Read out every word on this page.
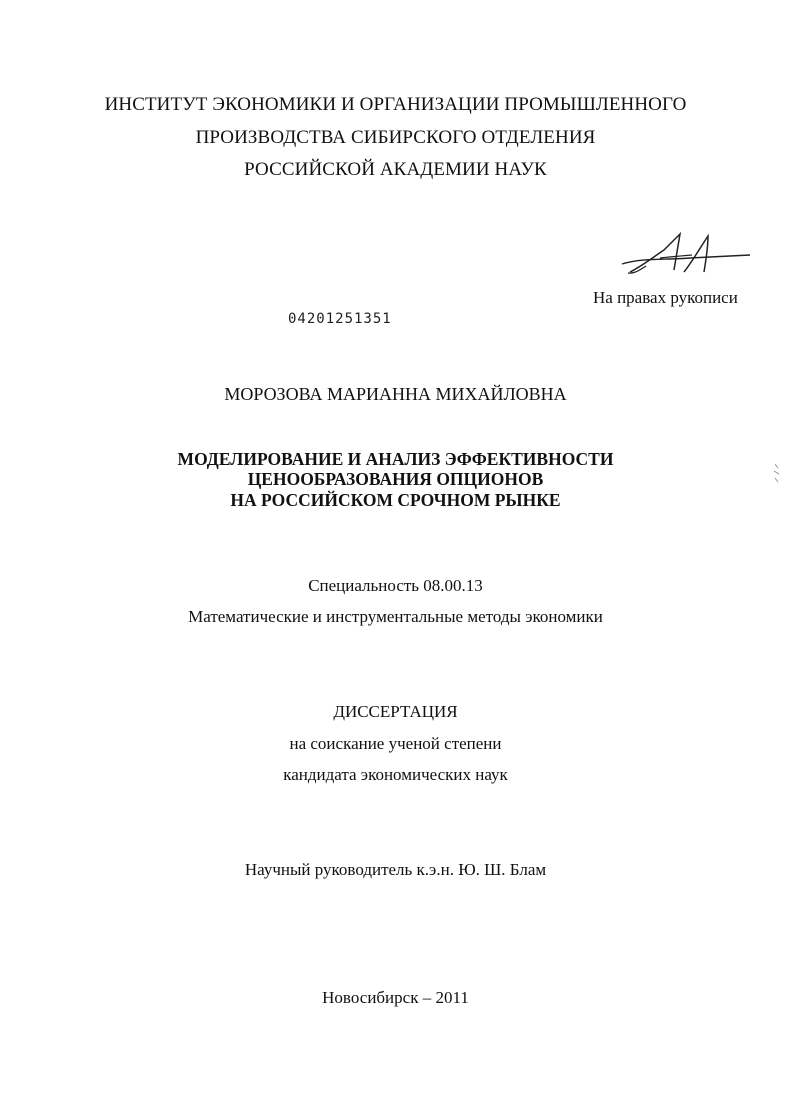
ИНСТИТУТ ЭКОНОМИКИ И ОРГАНИЗАЦИИ ПРОМЫШЛЕННОГО
ПРОИЗВОДСТВА СИБИРСКОГО ОТДЕЛЕНИЯ
РОССИЙСКОЙ АКАДЕМИИ НАУК
На правах рукописи
04201251351
МОРОЗОВА МАРИАННА МИХАЙЛОВНА
МОДЕЛИРОВАНИЕ И АНАЛИЗ ЭФФЕКТИВНОСТИ
ЦЕНООБРАЗОВАНИЯ ОПЦИОНОВ
НА РОССИЙСКОМ СРОЧНОМ РЫНКЕ
Специальность 08.00.13
Математические и инструментальные методы экономики
ДИССЕРТАЦИЯ
на соискание ученой степени
кандидата экономических наук
Научный руководитель к.э.н. Ю. Ш. Блам
Новосибирск – 2011
